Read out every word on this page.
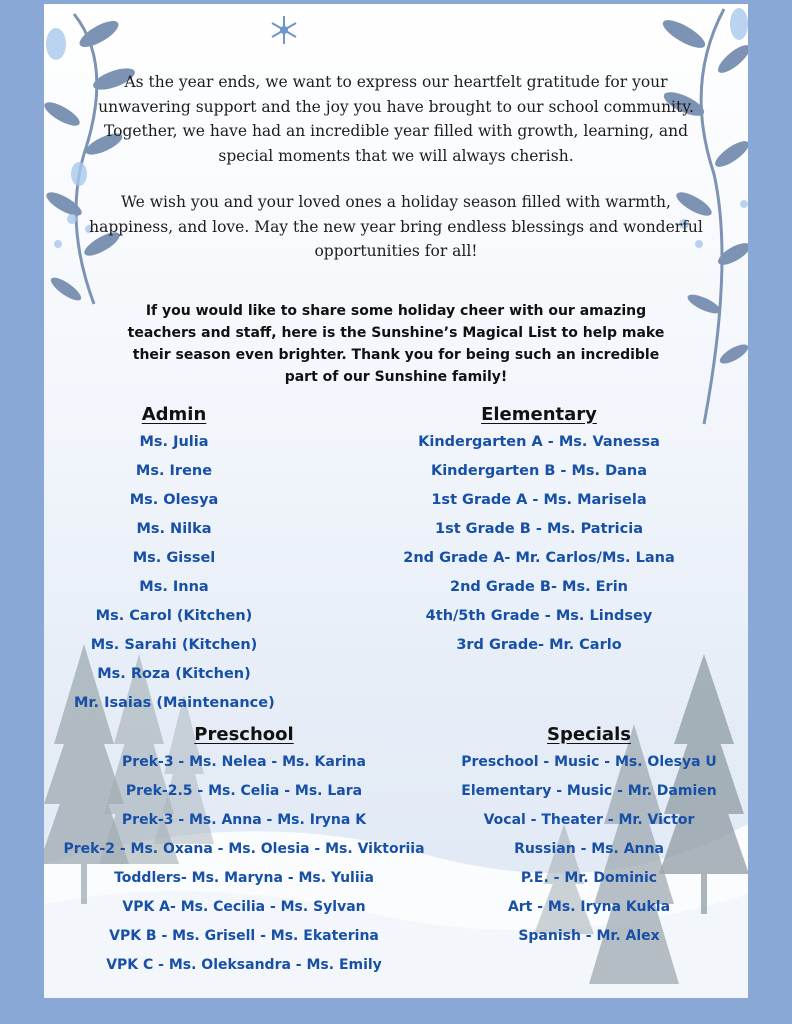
As the year ends, we want to express our heartfelt gratitude for your unwavering support and the joy you have brought to our school community.

Together, we have had an incredible year filled with growth, learning, and special moments that we will always cherish.

We wish you and your loved ones a holiday season filled with warmth, happiness, and love. May the new year bring endless blessings and wonderful opportunities for all!

If you would like to share some holiday cheer with our amazing teachers and staff, here is the Sunshine’s Magical List to help make their season even brighter. Thank you for being such an incredible part of our Sunshine family!
Admin
Ms. Julia
Ms. Irene
Ms. Olesya
Ms. Nilka
Ms. Gissel
Ms. Inna
Ms. Carol (Kitchen)
Ms. Sarahi (Kitchen)
Ms. Roza (Kitchen)
Mr. Isaias (Maintenance)
Elementary
Kindergarten A - Ms. Vanessa
Kindergarten B - Ms. Dana
1st Grade A - Ms. Marisela
1st Grade B - Ms. Patricia
2nd Grade A- Mr. Carlos/Ms. Lana
2nd Grade B- Ms. Erin
4th/5th Grade - Ms. Lindsey
3rd Grade- Mr. Carlo
Preschool
Prek-3 - Ms. Nelea - Ms. Karina
Prek-2.5 - Ms. Celia - Ms. Lara
Prek-3 - Ms. Anna - Ms. Iryna K
Prek-2 - Ms. Oxana - Ms. Olesia - Ms. Viktoriia
Toddlers- Ms. Maryna - Ms. Yuliia
VPK A- Ms. Cecilia - Ms. Sylvan
VPK B - Ms. Grisell - Ms. Ekaterina
VPK C - Ms. Oleksandra - Ms. Emily
Specials
Preschool - Music - Ms. Olesya U
Elementary - Music - Mr. Damien
Vocal - Theater - Mr. Victor
Russian - Ms. Anna
P.E. - Mr. Dominic
Art - Ms. Iryna Kukla
Spanish - Mr. Alex
